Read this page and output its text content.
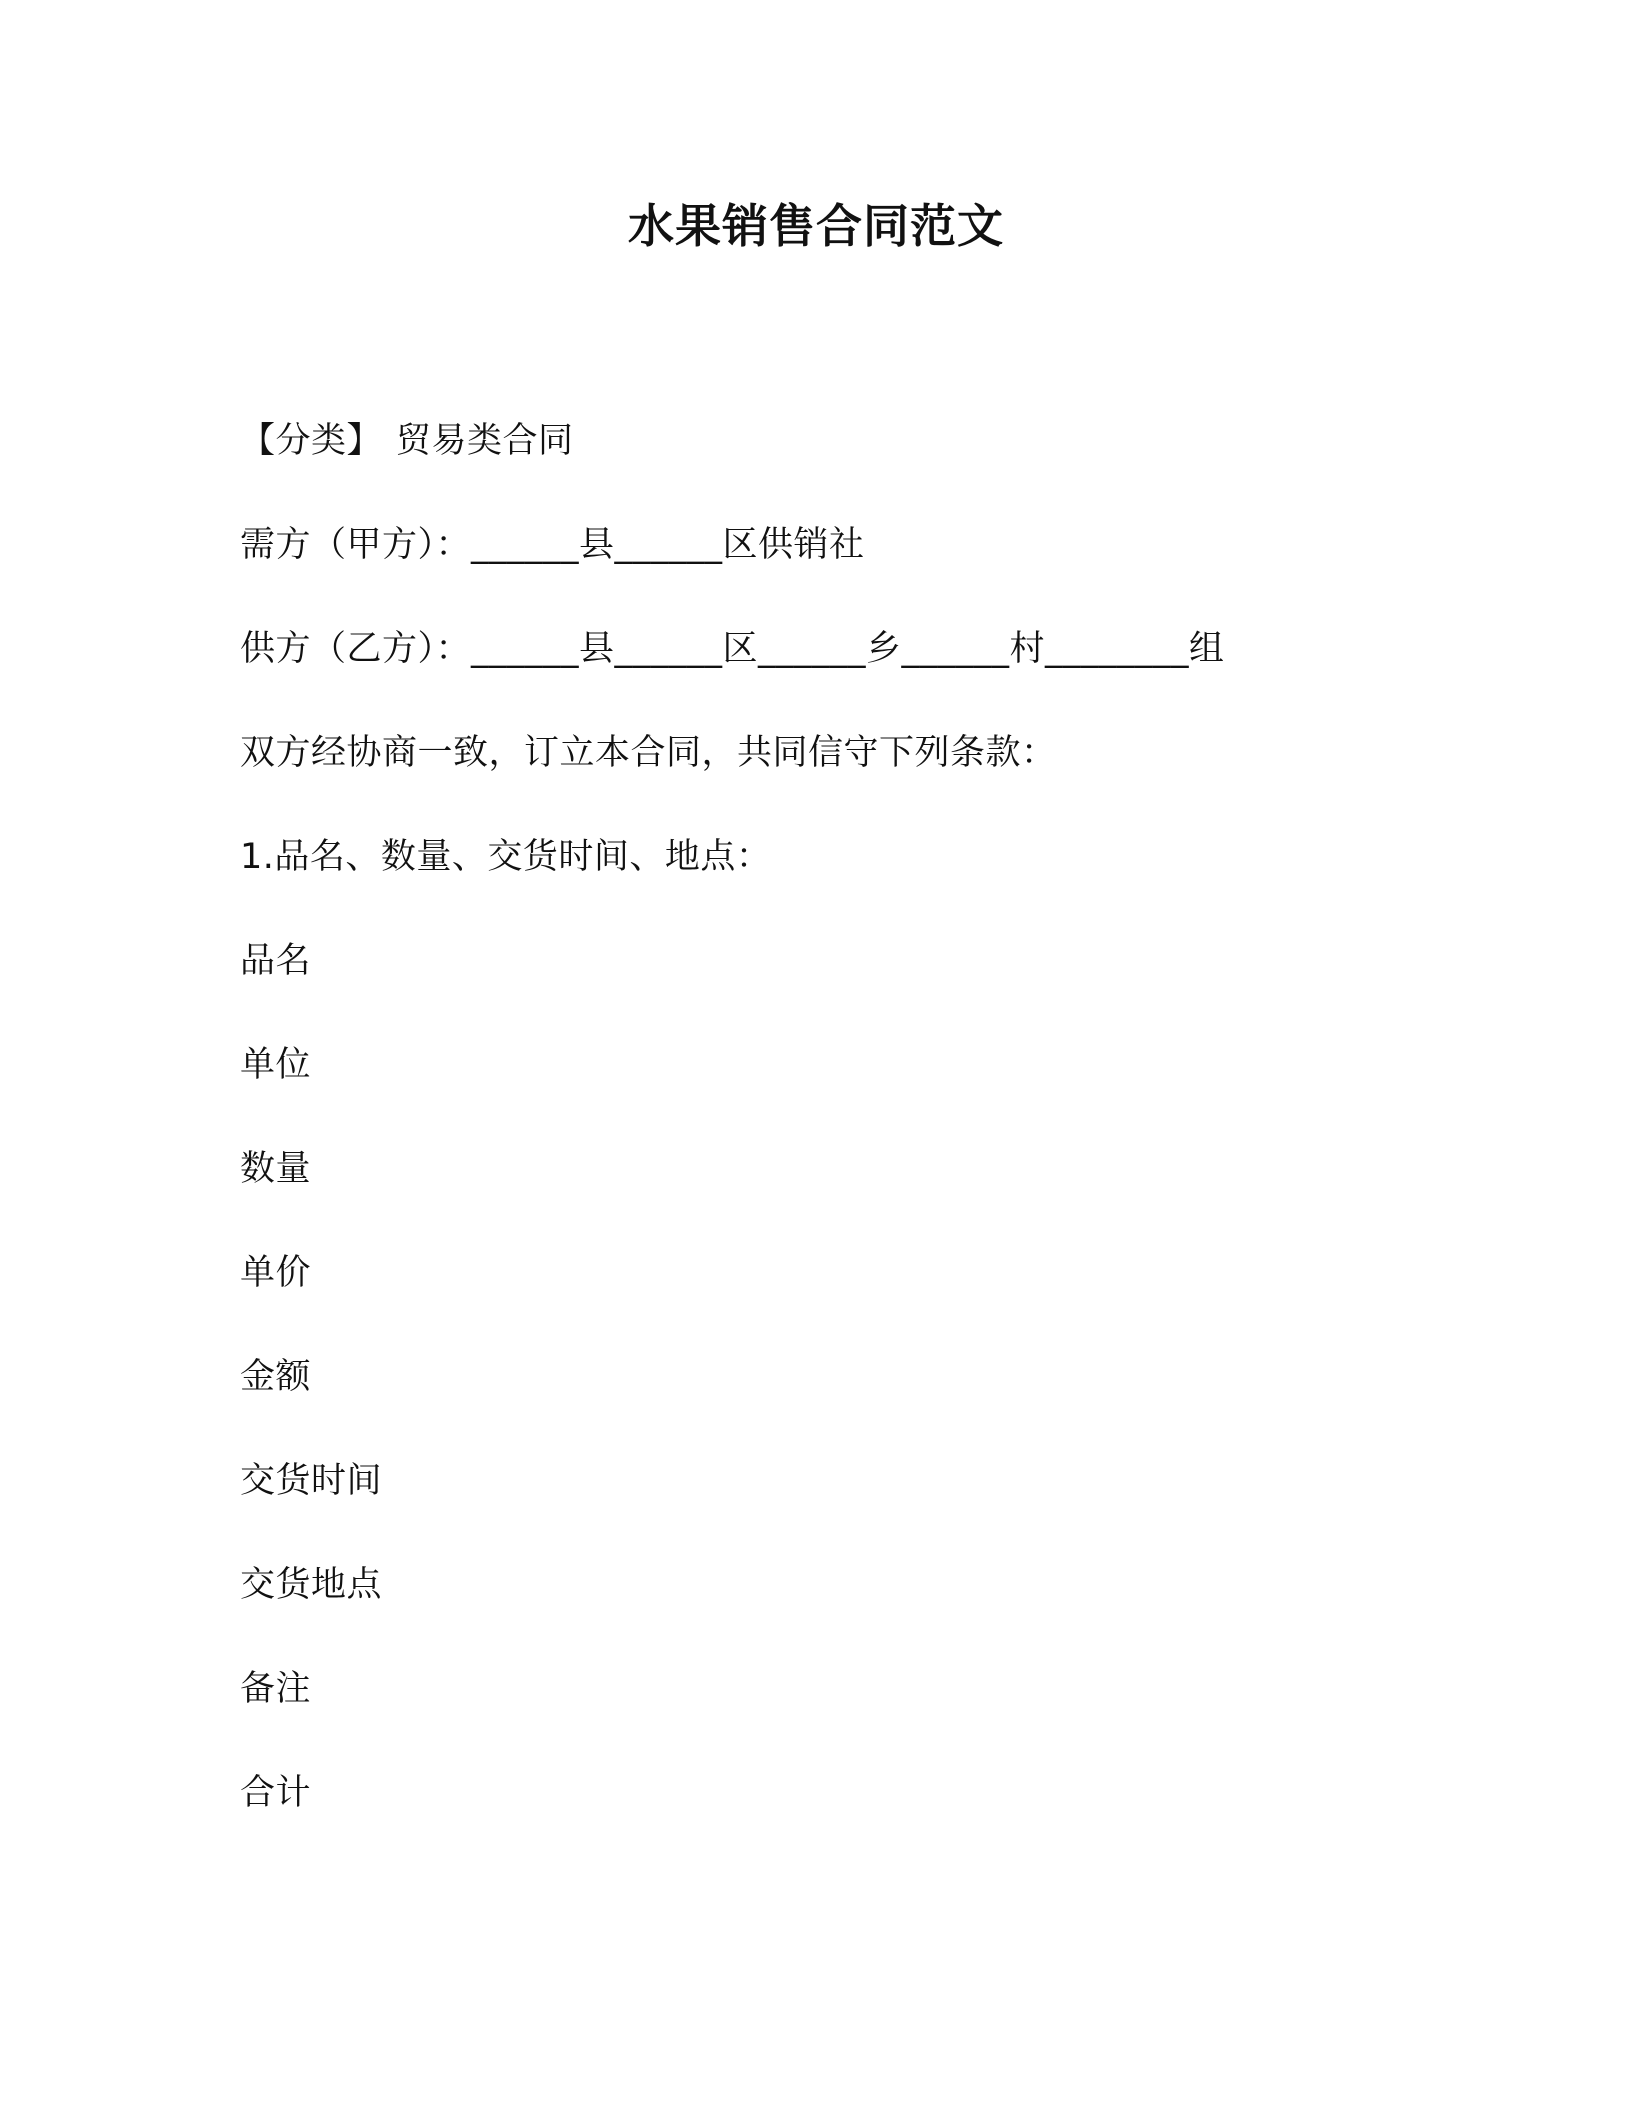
水果销售合同范文

【分类】 贸易类合同

需方（甲方）：______县______区供销社

供方（乙方）：______县______区______乡______村________组

双方经协商一致，订立本合同，共同信守下列条款：

1.品名、数量、交货时间、地点：

品名

单位

数量

单价

金额

交货时间

交货地点

备注

合计
